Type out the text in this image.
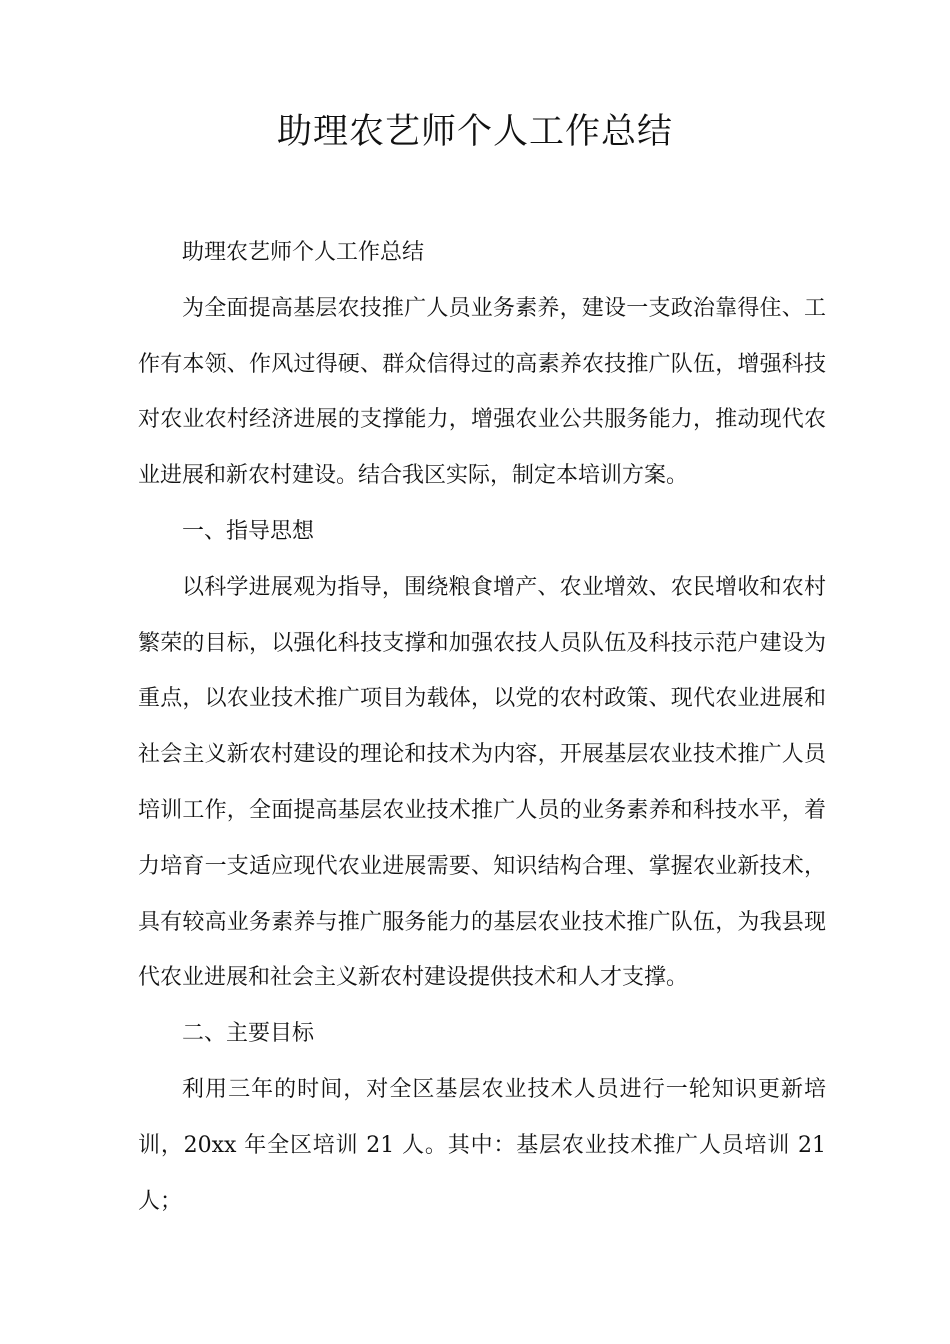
助理农艺师个人工作总结

助理农艺师个人工作总结

为全面提高基层农技推广人员业务素养，建设一支政治靠得住、工作有本领、作风过得硬、群众信得过的高素养农技推广队伍，增强科技对农业农村经济进展的支撑能力，增强农业公共服务能力，推动现代农业进展和新农村建设。结合我区实际，制定本培训方案。

一、指导思想

以科学进展观为指导，围绕粮食增产、农业增效、农民增收和农村繁荣的目标，以强化科技支撑和加强农技人员队伍及科技示范户建设为重点，以农业技术推广项目为载体，以党的农村政策、现代农业进展和社会主义新农村建设的理论和技术为内容，开展基层农业技术推广人员培训工作，全面提高基层农业技术推广人员的业务素养和科技水平，着力培育一支适应现代农业进展需要、知识结构合理、掌握农业新技术，具有较高业务素养与推广服务能力的基层农业技术推广队伍，为我县现代农业进展和社会主义新农村建设提供技术和人才支撑。

二、主要目标

利用三年的时间，对全区基层农业技术人员进行一轮知识更新培训，20xx 年全区培训 21 人。其中：基层农业技术推广人员培训 21 人；
